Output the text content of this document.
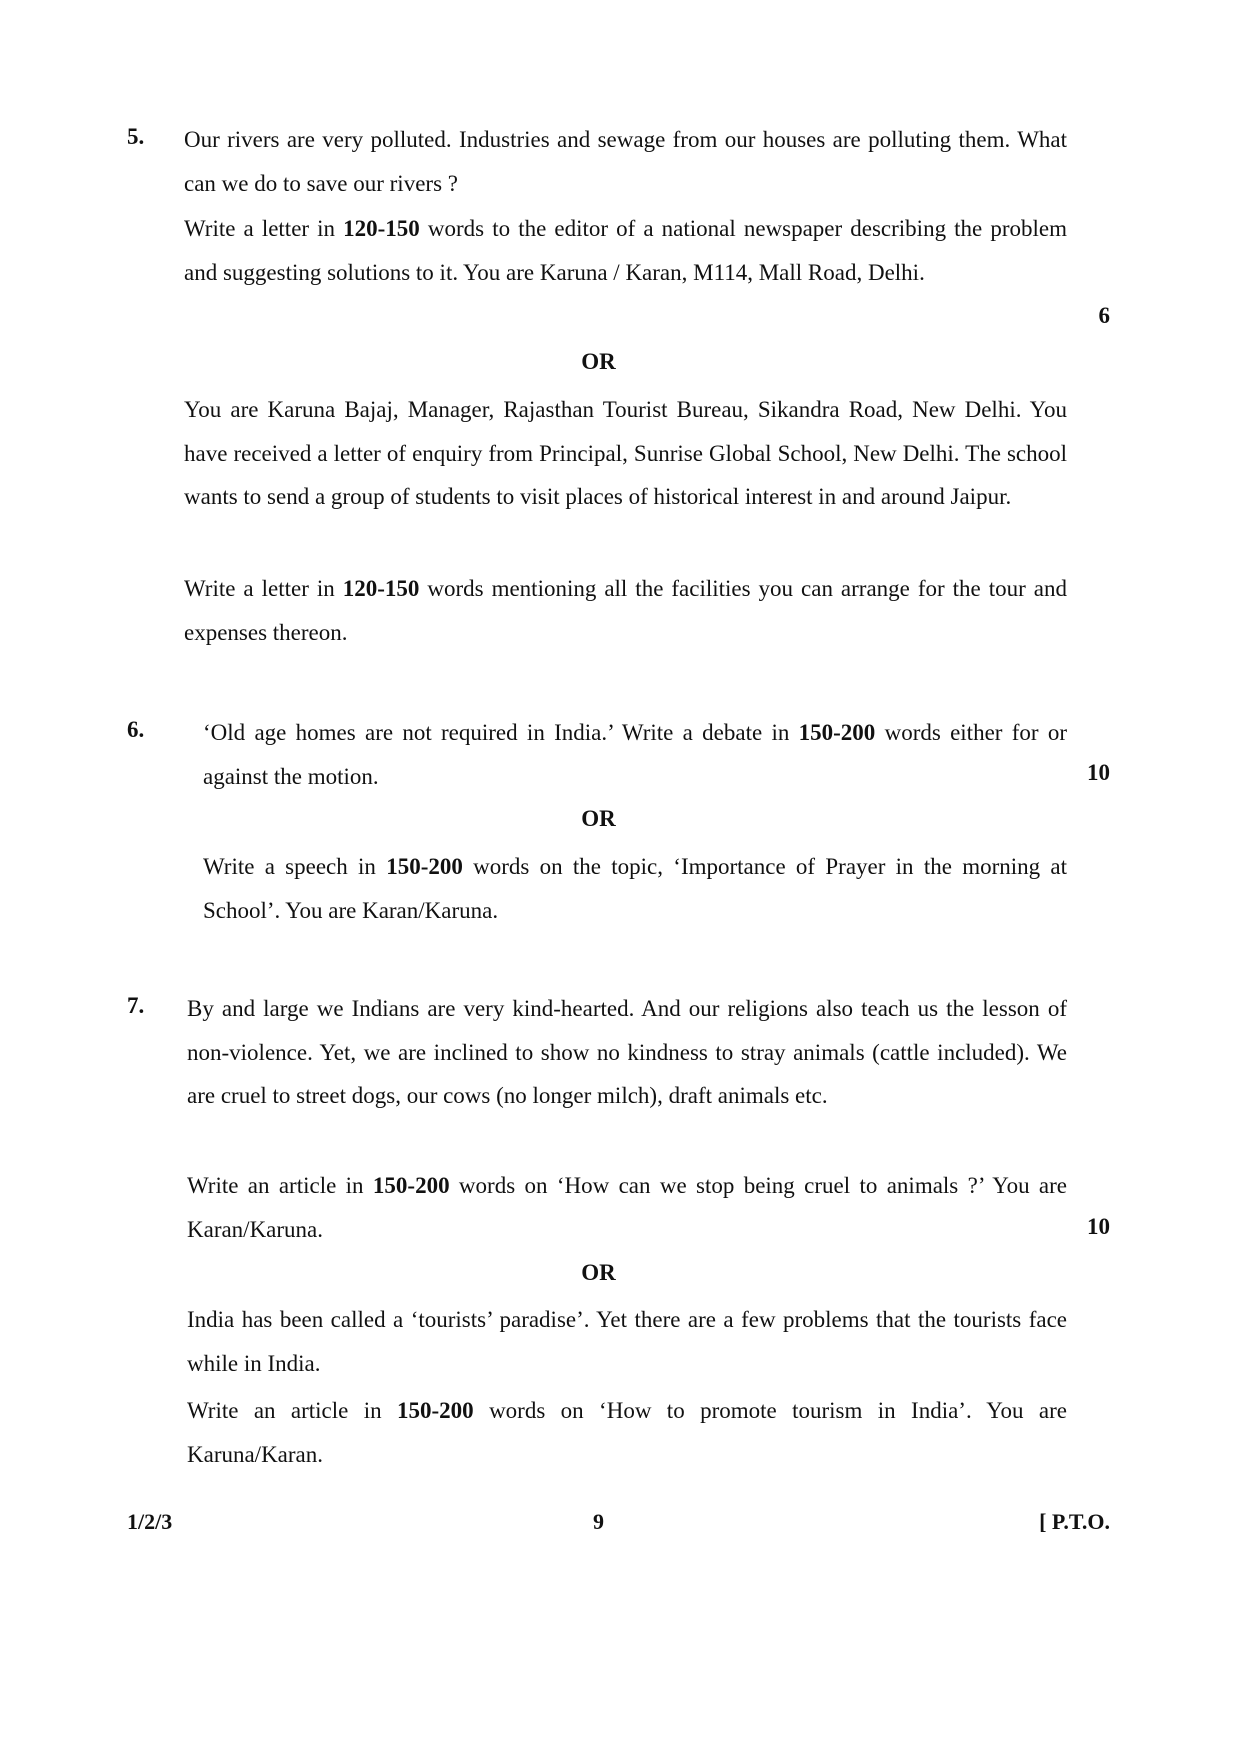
5. Our rivers are very polluted. Industries and sewage from our houses are polluting them. What can we do to save our rivers ?

Write a letter in 120-150 words to the editor of a national newspaper describing the problem and suggesting solutions to it. You are Karuna / Karan, M114, Mall Road, Delhi.

6
OR

You are Karuna Bajaj, Manager, Rajasthan Tourist Bureau, Sikandra Road, New Delhi. You have received a letter of enquiry from Principal, Sunrise Global School, New Delhi. The school wants to send a group of students to visit places of historical interest in and around Jaipur.

Write a letter in 120-150 words mentioning all the facilities you can arrange for the tour and expenses thereon.

6.	‘Old age homes are not required in India.’ Write a debate in 150-200 words either for or against the motion.	10
OR

Write a speech in 150-200 words on the topic, ‘Importance of Prayer in the morning at School’. You are Karan/Karuna.

7. By and large we Indians are very kind-hearted. And our religions also teach us the lesson of non-violence. Yet, we are inclined to show no kindness to stray animals (cattle included). We are cruel to street dogs, our cows (no longer milch), draft animals etc.

Write an article in 150-200 words on ‘How can we stop being cruel to animals ?’ You are Karan/Karuna.	10
OR

India has been called a ‘tourists’ paradise’. Yet there are a few problems that the tourists face while in India.

Write an article in 150-200 words on ‘How to promote tourism in India’. You are Karuna/Karan.

1/2/3	9	[ P.T.O.
